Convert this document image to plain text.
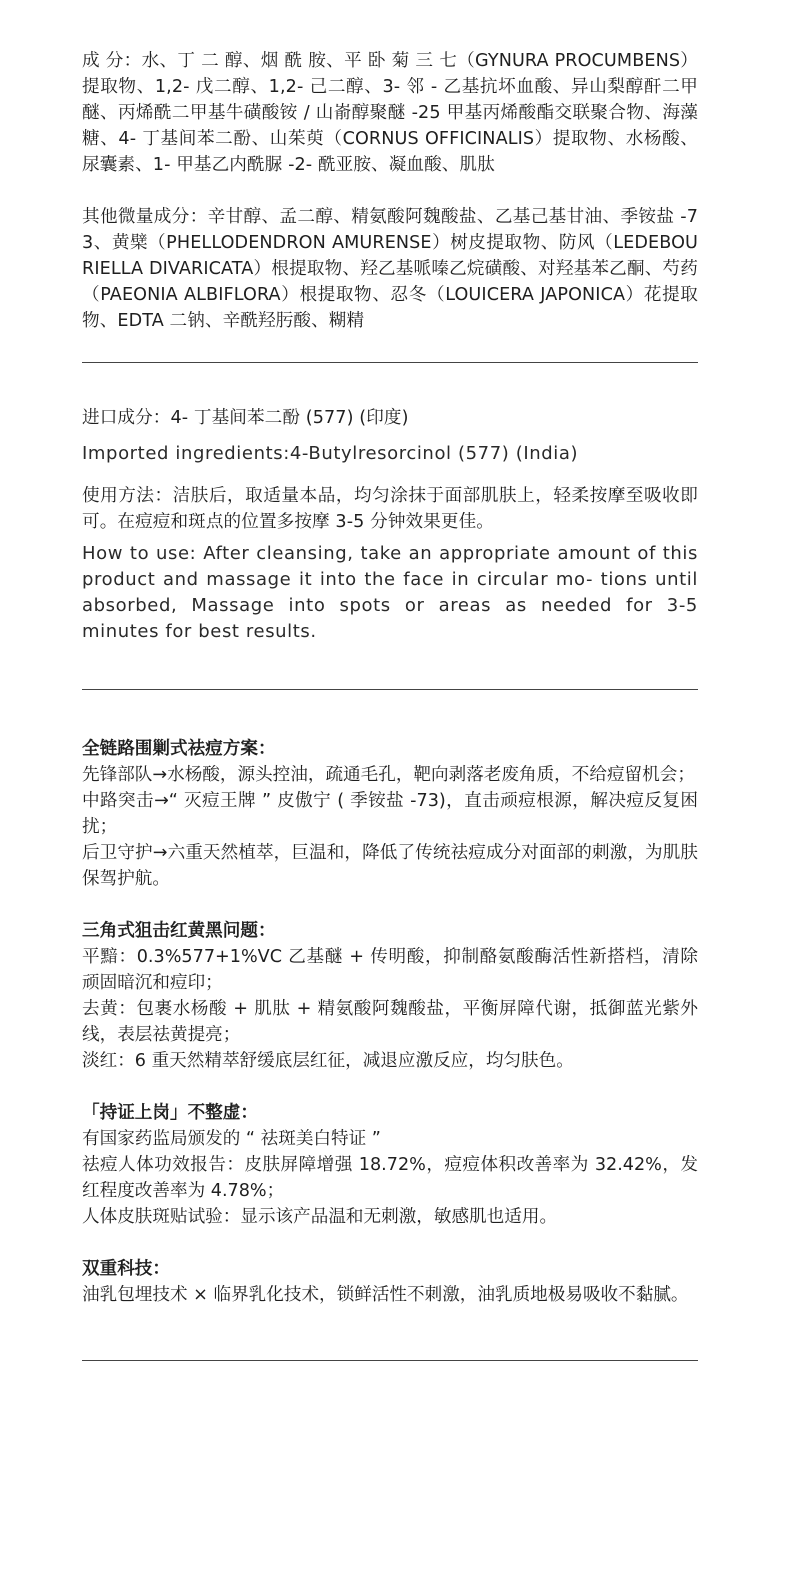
成 分：水、丁 二 醇、烟 酰 胺、平 卧 菊 三 七（GYNURA PROCUMBENS）提取物、1,2- 戊二醇、1,2- 己二醇、3- 邻 - 乙基抗坏血酸、异山梨醇酐二甲醚、丙烯酰二甲基牛磺酸铵 / 山嵛醇聚醚 -25 甲基丙烯酸酯交联聚合物、海藻糖、4- 丁基间苯二酚、山茱萸（CORNUS OFFICINALIS）提取物、水杨酸、尿囊素、1- 甲基乙内酰脲 -2- 酰亚胺、凝血酸、肌肽

其他微量成分：辛甘醇、孟二醇、精氨酸阿魏酸盐、乙基己基甘油、季铵盐 -73、黄檗（PHELLODENDRON AMURENSE）树皮提取物、防风（LEDEBOURIELLA DIVARICATA）根提取物、羟乙基哌嗪乙烷磺酸、对羟基苯乙酮、芍药（PAEONIA ALBIFLORA）根提取物、忍冬（LOUICERA JAPONICA）花提取物、EDTA 二钠、辛酰羟肟酸、糊精

进口成分：4- 丁基间苯二酚 (577) (印度)

Imported ingredients:4-Butylresorcinol (577) (India)

使用方法：洁肤后，取适量本品，均匀涂抹于面部肌肤上，轻柔按摩至吸收即可。在痘痘和斑点的位置多按摩 3-5 分钟效果更佳。

How to use: After cleansing, take an appropriate amount of this product and massage it into the face in circular mo- tions until absorbed, Massage into spots or areas as needed for 3-5 minutes for best results.

全链路围剿式祛痘方案：

先锋部队→水杨酸，源头控油，疏通毛孔，靶向剥落老废角质，不给痘留机会；

中路突击→“ 灭痘王牌 ” 皮傲宁 ( 季铵盐 -73)，直击顽痘根源，解决痘反复困扰；

后卫守护→六重天然植萃，巨温和，降低了传统祛痘成分对面部的刺激，为肌肤保驾护航。

三角式狙击红黄黑问题：

平黯：0.3%577+1%VC 乙基醚 + 传明酸，抑制酪氨酸酶活性新搭档，清除顽固暗沉和痘印；

去黄：包裹水杨酸 + 肌肽 + 精氨酸阿魏酸盐，平衡屏障代谢，抵御蓝光紫外线，表层祛黄提亮；

淡红：6 重天然精萃舒缓底层红征，减退应激反应，均匀肤色。

「持证上岗」不整虚：

有国家药监局颁发的 “ 祛斑美白特证 ”

祛痘人体功效报告：皮肤屏障增强 18.72%，痘痘体积改善率为 32.42%，发红程度改善率为 4.78%；

人体皮肤斑贴试验：显示该产品温和无刺激，敏感肌也适用。

双重科技：

油乳包埋技术 × 临界乳化技术，锁鲜活性不刺激，油乳质地极易吸收不黏腻。
